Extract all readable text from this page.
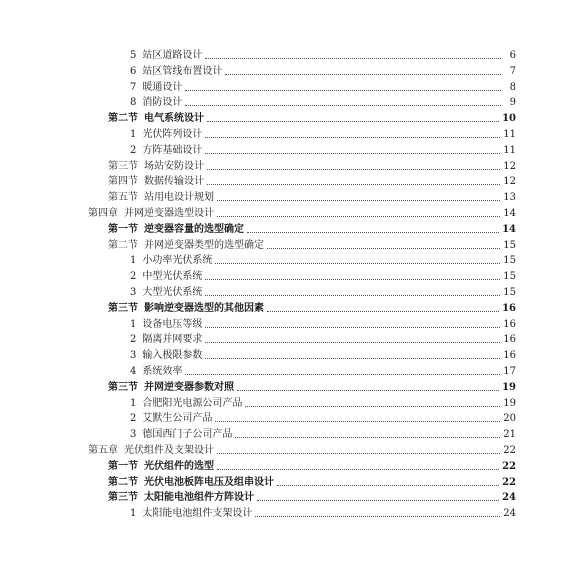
5 站区道路设计	6
6 站区管线布置设计	7
7 暖通设计	8
8 消防设计	9
第二节 电气系统设计	10
1 光伏阵列设计	11
2 方阵基础设计	11
第三节 场站安防设计	12
第四节 数据传输设计	12
第五节 站用电设计规划	13
第四章 并网逆变器选型设计	14
第一节 逆变器容量的选型确定	14
第二节 并网逆变器类型的选型确定	15
1 小功率光伏系统	15
2 中型光伏系统	15
3 大型光伏系统	15
第三节 影响逆变器选型的其他因素	16
1 设备电压等级	16
2 隔离并网要求	16
3 输入极限参数	16
4 系统效率	17
第三节 并网逆变器参数对照	19
1 合肥阳光电源公司产品	19
2 艾默生公司产品	20
3 德国西门子公司产品	21
第五章 光伏组件及支架设计	22
第一节 光伏组件的选型	22
第二节 光伏电池板阵电压及组串设计	22
第三节 太阳能电池组件方阵设计	24
1 太阳能电池组件支架设计	24
